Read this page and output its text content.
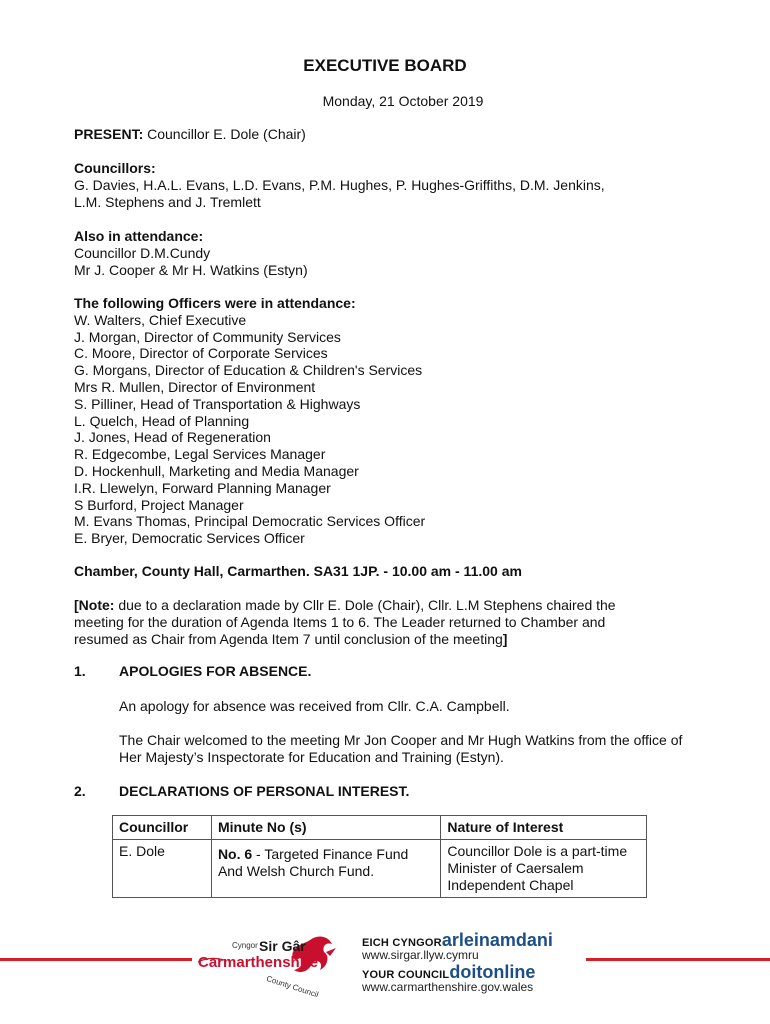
EXECUTIVE BOARD
Monday, 21 October 2019
PRESENT: Councillor E. Dole (Chair)
Councillors:
G. Davies, H.A.L. Evans, L.D. Evans, P.M. Hughes, P. Hughes-Griffiths, D.M. Jenkins,
L.M. Stephens and J. Tremlett
Also in attendance:
Councillor D.M.Cundy
Mr J. Cooper & Mr H. Watkins (Estyn)
The following Officers were in attendance:
W. Walters, Chief Executive
J. Morgan, Director of Community Services
C. Moore, Director of Corporate Services
G. Morgans, Director of Education & Children's Services
Mrs R. Mullen, Director of Environment
S. Pilliner, Head of Transportation & Highways
L. Quelch, Head of Planning
J. Jones, Head of Regeneration
R. Edgecombe, Legal Services Manager
D. Hockenhull, Marketing and Media Manager
I.R. Llewelyn, Forward Planning Manager
S Burford, Project Manager
M. Evans Thomas, Principal Democratic Services Officer
E. Bryer, Democratic Services Officer
Chamber, County Hall, Carmarthen. SA31 1JP. - 10.00 am - 11.00 am
[Note: due to a declaration made by Cllr E. Dole (Chair), Cllr. L.M Stephens chaired the
meeting for the duration of Agenda Items 1 to 6. The Leader returned to Chamber and
resumed as Chair from Agenda Item 7 until conclusion of the meeting]
1. APOLOGIES FOR ABSENCE.
An apology for absence was received from Cllr. C.A. Campbell.
The Chair welcomed to the meeting Mr Jon Cooper and Mr Hugh Watkins from the office of Her Majesty’s Inspectorate for Education and Training (Estyn).
2. DECLARATIONS OF PERSONAL INTEREST.
Councillor	Minute No (s)	Nature of Interest
E. Dole	No. 6 - Targeted Finance Fund And Welsh Church Fund.	Councillor Dole is a part-time Minister of Caersalem Independent Chapel
Cyngor Sir Gâr
Carmarthenshire
County Council
EICH CYNGORarleinamdani
www.sirgar.llyw.cymru
YOUR COUNCILdoitonline
www.carmarthenshire.gov.wales
